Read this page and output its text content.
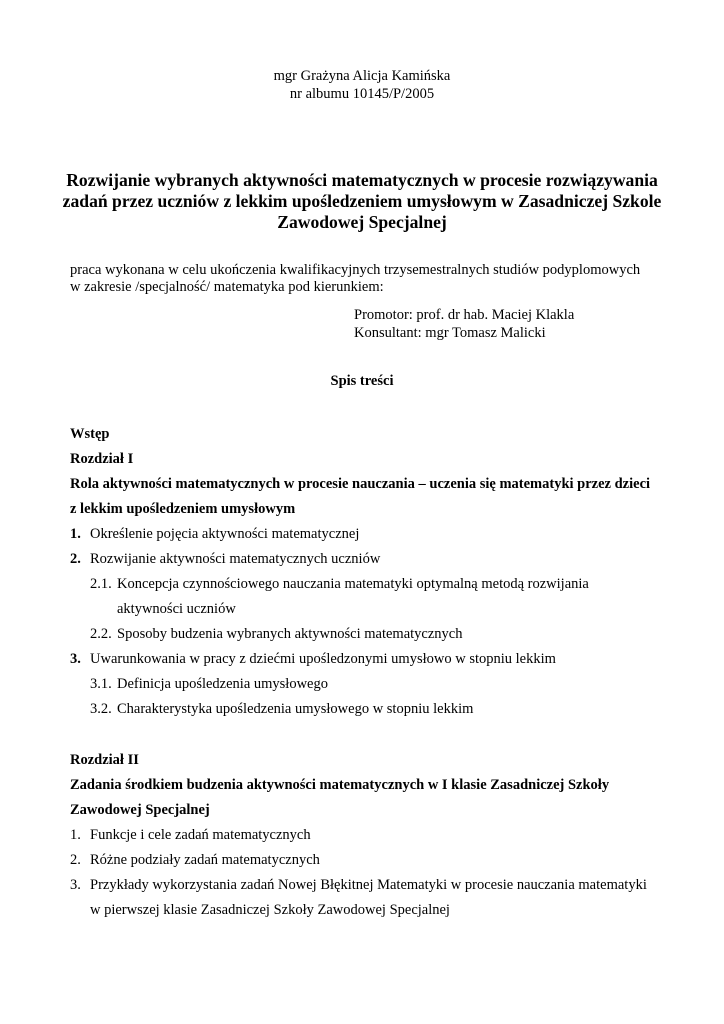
mgr Grażyna Alicja Kamińska
nr albumu 10145/P/2005
Rozwijanie wybranych aktywności matematycznych w procesie rozwiązywania
zadań przez uczniów z lekkim upośledzeniem umysłowym w Zasadniczej Szkole
Zawodowej Specjalnej
praca wykonana w celu ukończenia kwalifikacyjnych trzysemestralnych studiów podyplomowych
w zakresie /specjalność/ matematyka pod kierunkiem:
Promotor: prof. dr hab. Maciej Klakla
Konsultant: mgr Tomasz Malicki
Spis treści
Wstęp
Rozdział I
Rola aktywności matematycznych w procesie nauczania – uczenia się matematyki przez dzieci
z lekkim upośledzeniem umysłowym
1. Określenie pojęcia aktywności matematycznej
2. Rozwijanie aktywności matematycznych uczniów
2.1. Koncepcja czynnościowego nauczania matematyki optymalną metodą rozwijania
aktywności uczniów
2.2. Sposoby budzenia wybranych aktywności matematycznych
3. Uwarunkowania w pracy z dziećmi upośledzonymi umysłowo w stopniu lekkim
3.1. Definicja upośledzenia umysłowego
3.2. Charakterystyka upośledzenia umysłowego w stopniu lekkim
Rozdział II
Zadania środkiem budzenia aktywności matematycznych w I klasie Zasadniczej Szkoły
Zawodowej Specjalnej
1. Funkcje i cele zadań matematycznych
2. Różne podziały zadań matematycznych
3. Przykłady wykorzystania zadań Nowej Błękitnej Matematyki w procesie nauczania matematyki
w pierwszej klasie Zasadniczej Szkoły Zawodowej Specjalnej
